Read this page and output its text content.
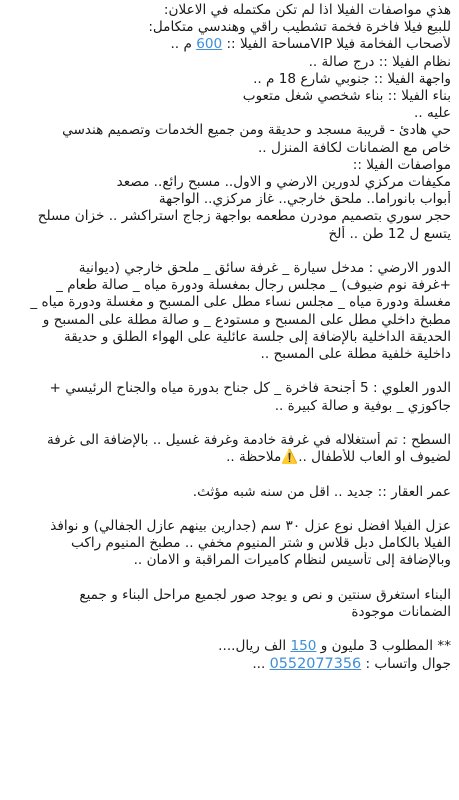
هذي مواصفات الفيلا اذا لم تكن مكتمله في الاعلان:
للبيع فيلا فاخرة فخمة تشطيب راقي وهندسي متكامل:
لأصحاب الفخامة فيلا VIPمساحة الفيلا :: 600 م ..
نظام الفيلا :: درج صالة ..
واجهة الفيلا :: جنوبي شارع 18 م ..
بناء الفيلا :: بناء شخصي شغل متعوب
عليه ..
حي هادئ - قريبة مسجد و حديقة ومن جميع الخدمات وتصميم هندسي
خاص مع الضمانات لكافة المنزل ..
مواصفات الفيلا ::
مكيفات مركزي لدورين الارضي و الاول.. مسبح رائع.. مصعد
أبواب بانوراما.. ملحق خارجي.. غاز مركزي.. الواجهة
حجر سوري بتصميم مودرن مطعمه بواجهة زجاج استراكشر .. خزان مسلح
يتسع ل 12 طن .. ألخ
الدور الارضي : مدخل سيارة _ غرفة سائق _ ملحق خارجي (ديوانية
+غرفة نوم ضيوف) _ مجلس رجال بمغسلة ودورة مياه _ صالة طعام _
مغسلة ودورة مياه _ مجلس نساء مطل على المسبح و مغسلة ودورة مياه _
مطبخ داخلي مطل على المسبح و مستودع _ و صالة مطلة على المسبح و
الحديقة الداخلية بالإضافة إلى جلسة عائلية على الهواء الطلق و حديقة
داخلية خلفية مطلة على المسبح ..
الدور العلوي : 5 أجنحة فاخرة _ كل جناح بدورة مياه والجناح الرئيسي +
جاكوزي _ بوفية و صالة كبيرة ..
السطح : تم أستغلاله في غرفة خادمة وغرفة غسيل .. بالإضافة الى غرفة
لضيوف او العاب للأطفال ..⚠️ملاحظة ..
عمر العقار :: جديد .. اقل من سنه شبه مؤثث.
عزل الفيلا افضل نوع عزل ٣٠ سم (جدارين بينهم عازل الجفالي) و نوافذ
الفيلا بالكامل دبل قلاس و شتر المنيوم مخفي .. مطبخ المنيوم راكب
وبالإضافة إلى تأسيس لنظام كاميرات المراقبة و الامان ..
البناء استغرق سنتين و نص و يوجد صور لجميع مراحل البناء و جميع
الضمانات موجودة
** المطلوب 3 مليون و 150 الف ريال....
جوال واتساب : 0552077356 ...
